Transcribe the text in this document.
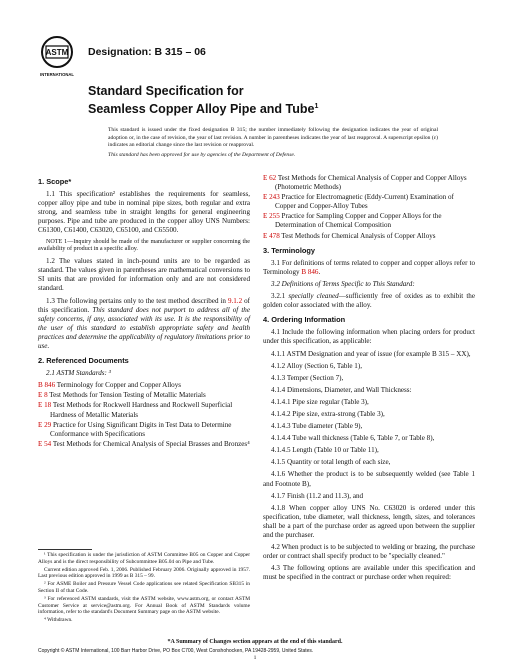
ASTM
INTERNATIONAL
Designation: B 315 – 06
Standard Specification for
Seamless Copper Alloy Pipe and Tube$^1$
This standard is issued under the fixed designation B 315; the number immediately following the designation indicates the year of original adoption or, in the case of revision, the year of last revision. A number in parentheses indicates the year of last reapproval. A superscript epsilon (ε) indicates an editorial change since the last revision or reapproval.
This standard has been approved for use by agencies of the Department of Defense.
1. Scope*

1.1 This specification² establishes the requirements for seamless, copper alloy pipe and tube in nominal pipe sizes, both regular and extra strong, and seamless tube in straight lengths for general engineering purposes. Pipe and tube are produced in the copper alloy UNS Numbers: C61300, C61400, C63020, C65100, and C65500.

NOTE 1—Inquiry should be made of the manufacturer or supplier concerning the availability of product in a specific alloy.

1.2 The values stated in inch-pound units are to be regarded as standard. The values given in parentheses are mathematical conversions to SI units that are provided for information only and are not considered standard.

1.3 The following pertains only to the test method described in 9.1.2 of this specification. This standard does not purport to address all of the safety concerns, if any, associated with its use. It is the responsibility of the user of this standard to establish appropriate safety and health practices and determine the applicability of regulatory limitations prior to use.

2. Referenced Documents

2.1 ASTM Standards: ³

B 846 Terminology for Copper and Copper Alloys
E 8 Test Methods for Tension Testing of Metallic Materials
E 18 Test Methods for Rockwell Hardness and Rockwell Superficial Hardness of Metallic Materials
E 29 Practice for Using Significant Digits in Test Data to Determine Conformance with Specifications
E 54 Test Methods for Chemical Analysis of Special Brasses and Bronzes⁴
E 62 Test Methods for Chemical Analysis of Copper and Copper Alloys (Photometric Methods)
E 243 Practice for Electromagnetic (Eddy-Current) Examination of Copper and Copper-Alloy Tubes
E 255 Practice for Sampling Copper and Copper Alloys for the Determination of Chemical Composition
E 478 Test Methods for Chemical Analysis of Copper Alloys
3. Terminology

3.1 For definitions of terms related to copper and copper alloys refer to Terminology B 846.

3.2 Definitions of Terms Specific to This Standard:

3.2.1 specially cleaned—sufficiently free of oxides as to exhibit the golden color associated with the alloy.

4. Ordering Information

4.1 Include the following information when placing orders for product under this specification, as applicable:

4.1.1 ASTM Designation and year of issue (for example B 315 – XX),

4.1.2 Alloy (Section 6, Table 1),

4.1.3 Temper (Section 7),

4.1.4 Dimensions, Diameter, and Wall Thickness:

4.1.4.1 Pipe size regular (Table 3),

4.1.4.2 Pipe size, extra-strong (Table 3),

4.1.4.3 Tube diameter (Table 9),

4.1.4.4 Tube wall thickness (Table 6, Table 7, or Table 8),

4.1.4.5 Length (Table 10 or Table 11),

4.1.5 Quantity or total length of each size,

4.1.6 Whether the product is to be subsequently welded (see Table 1 and Footnote B),

4.1.7 Finish (11.2 and 11.3), and

4.1.8 When copper alloy UNS No. C63020 is ordered under this specification, tube diameter, wall thickness, length, sizes, and tolerances shall be a part of the purchase order as agreed upon between the supplier and the purchaser.

4.2 When product is to be subjected to welding or brazing, the purchase order or contract shall specify product to be "specially cleaned."

4.3 The following options are available under this specification and must be specified in the contract or purchase order when required:

¹ This specification is under the jurisdiction of ASTM Committee B05 on Copper and Copper Alloys and is the direct responsibility of Subcommittee B05.04 on Pipe and Tube.
Current edition approved Feb. 1, 2006. Published February 2006. Originally approved in 1957. Last previous edition approved in 1999 as B 315 – 99.
² For ASME Boiler and Pressure Vessel Code applications see related Specification SB315 in Section II of that Code.
³ For referenced ASTM standards, visit the ASTM website, www.astm.org, or contact ASTM Customer Service at service@astm.org. For Annual Book of ASTM Standards volume information, refer to the standard's Document Summary page on the ASTM website.
⁴ Withdrawn.
*A Summary of Changes section appears at the end of this standard.
Copyright © ASTM International, 100 Barr Harbor Drive, PO Box C700, West Conshohocken, PA 19428-2959, United States.
1
